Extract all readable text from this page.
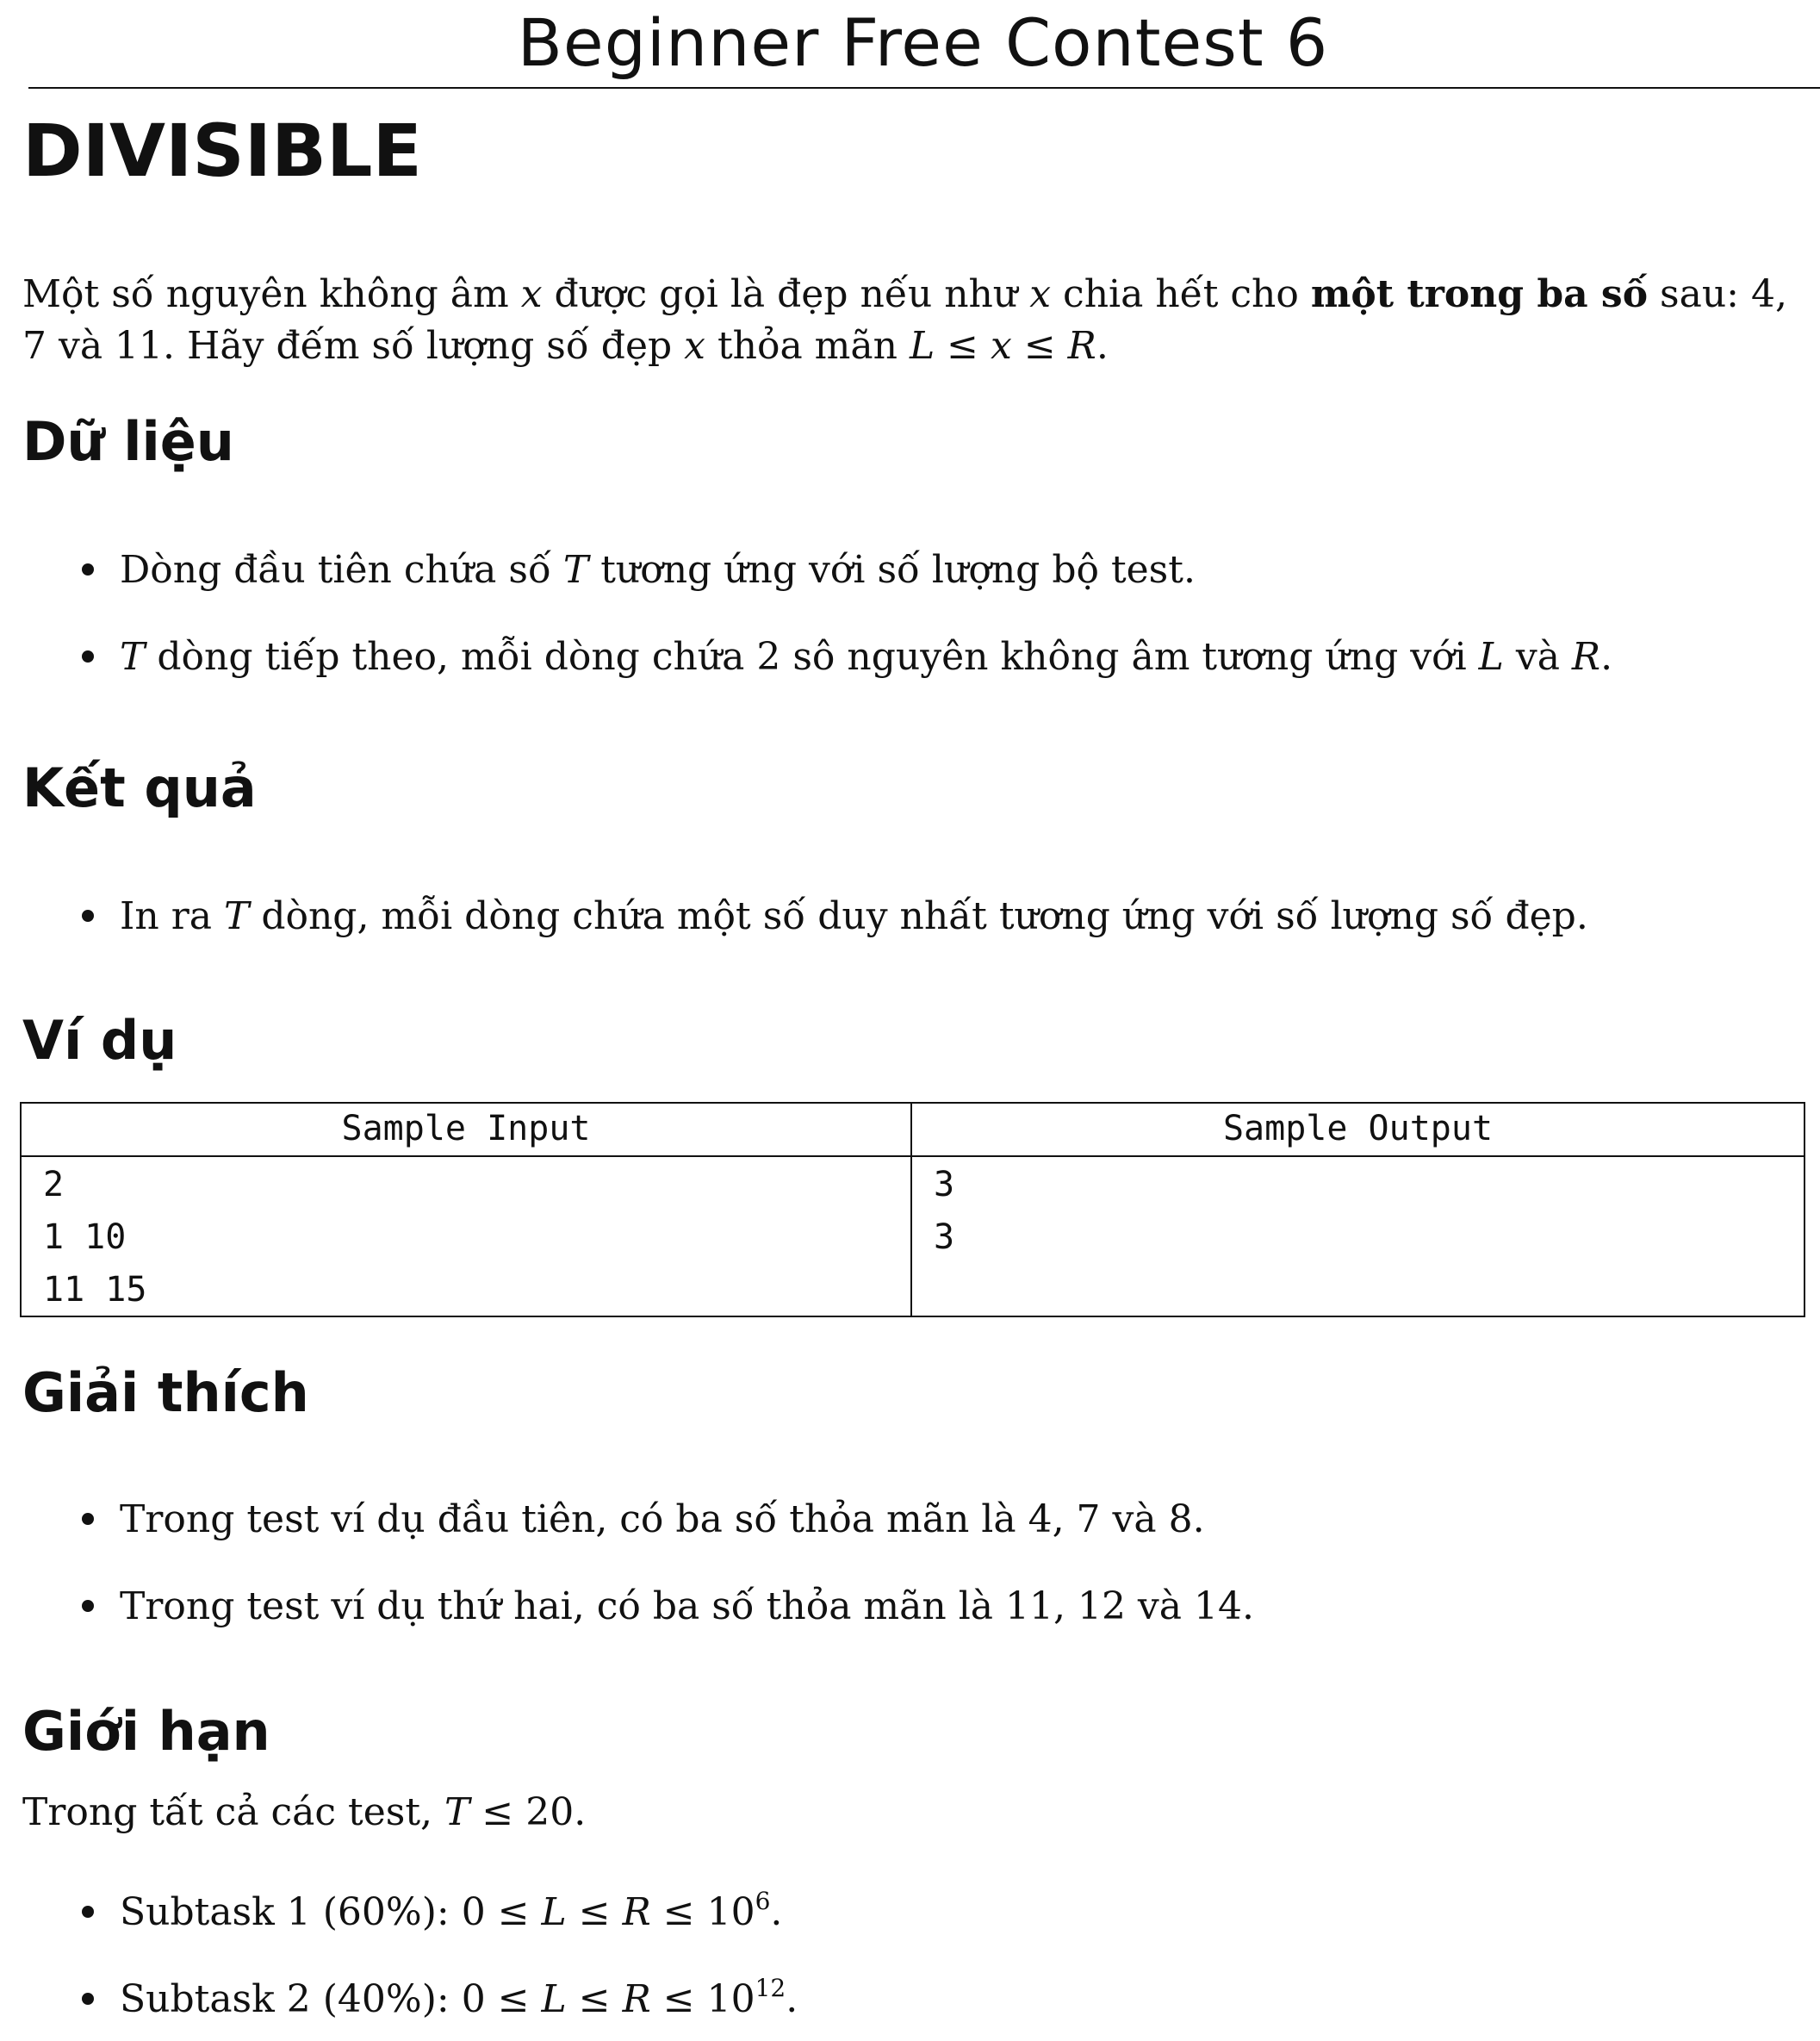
Beginner Free Contest 6
DIVISIBLE

Một số nguyên không âm x được gọi là đẹp nếu như x chia hết cho một trong ba số sau: 4, 7 và 11. Hãy đếm số lượng số đẹp x thỏa mãn L ≤ x ≤ R.

Dữ liệu
Dòng đầu tiên chứa số T tương ứng với số lượng bộ test.
T dòng tiếp theo, mỗi dòng chứa 2 sô nguyên không âm tương ứng với L và R.
Kết quả
In ra T dòng, mỗi dòng chứa một số duy nhất tương ứng với số lượng số đẹp.
Ví dụ
Sample Input
2
1 10
11 15
Sample Output
3
3
Giải thích
Trong test ví dụ đầu tiên, có ba số thỏa mãn là 4, 7 và 8.
Trong test ví dụ thứ hai, có ba số thỏa mãn là 11, 12 và 14.
Giới hạn

Trong tất cả các test, T ≤ 20.

Subtask 1 (60%): $0 \le L \le R \le 10^6$.
Subtask 2 (40%): $0 \le L \le R \le 10^{12}$.
